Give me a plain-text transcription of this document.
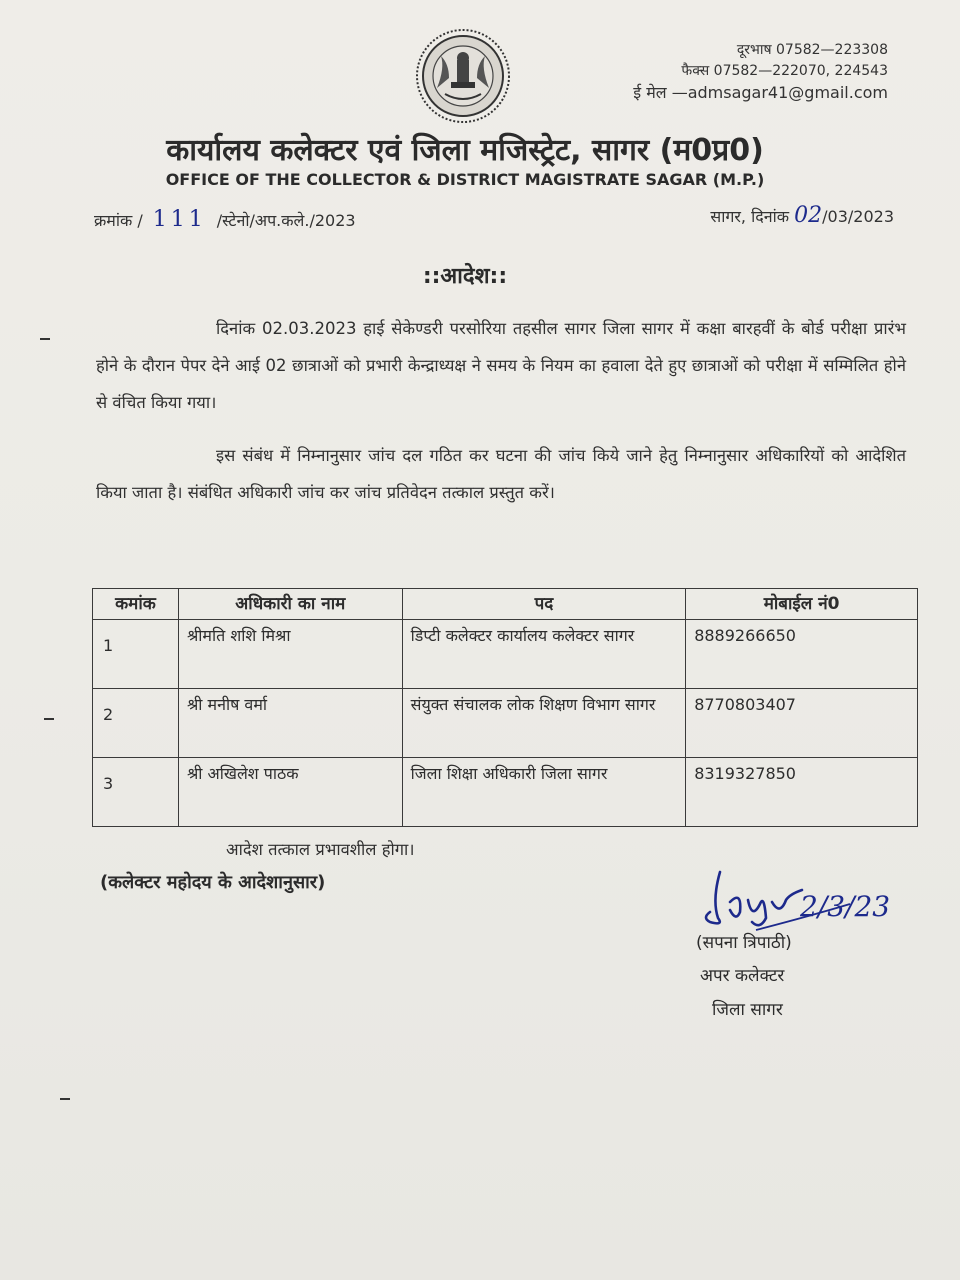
दूरभाष 07582—223308
फैक्स 07582—222070, 224543
ई मेल —admsagar41@gmail.com
कार्यालय कलेक्टर एवं जिला मजिस्ट्रेट, सागर (म0प्र0)
OFFICE OF THE COLLECTOR & DISTRICT MAGISTRATE SAGAR (M.P.)
क्रमांक / 111 /स्टेनो/अप.कले./2023	सागर, दिनांक 02/03/2023
::आदेश::
दिनांक 02.03.2023 हाई सेकेण्डरी परसोरिया तहसील सागर जिला सागर में कक्षा बारहवीं के बोर्ड परीक्षा प्रारंभ होने के दौरान पेपर देने आई 02 छात्राओं को प्रभारी केन्द्राध्यक्ष ने समय के नियम का हवाला देते हुए छात्राओं को परीक्षा में सम्मिलित होने से वंचित किया गया।
इस संबंध में निम्नानुसार जांच दल गठित कर घटना की जांच किये जाने हेतु निम्नानुसार अधिकारियों को आदेशित किया जाता है। संबंधित अधिकारी जांच कर जांच प्रतिवेदन तत्काल प्रस्तुत करें।
कमांक	अधिकारी का नाम	पद	मोबाईल नं0
1	श्रीमति शशि मिश्रा	डिप्टी कलेक्टर कार्यालय कलेक्टर सागर	8889266650
2	श्री मनीष वर्मा	संयुक्त संचालक लोक शिक्षण विभाग सागर	8770803407
3	श्री अखिलेश पाठक	जिला शिक्षा अधिकारी जिला सागर	8319327850
आदेश तत्काल प्रभावशील होगा।
(कलेक्टर महोदय के आदेशानुसार)
2/3/23
(सपना त्रिपाठी)
अपर कलेक्टर
जिला सागर
